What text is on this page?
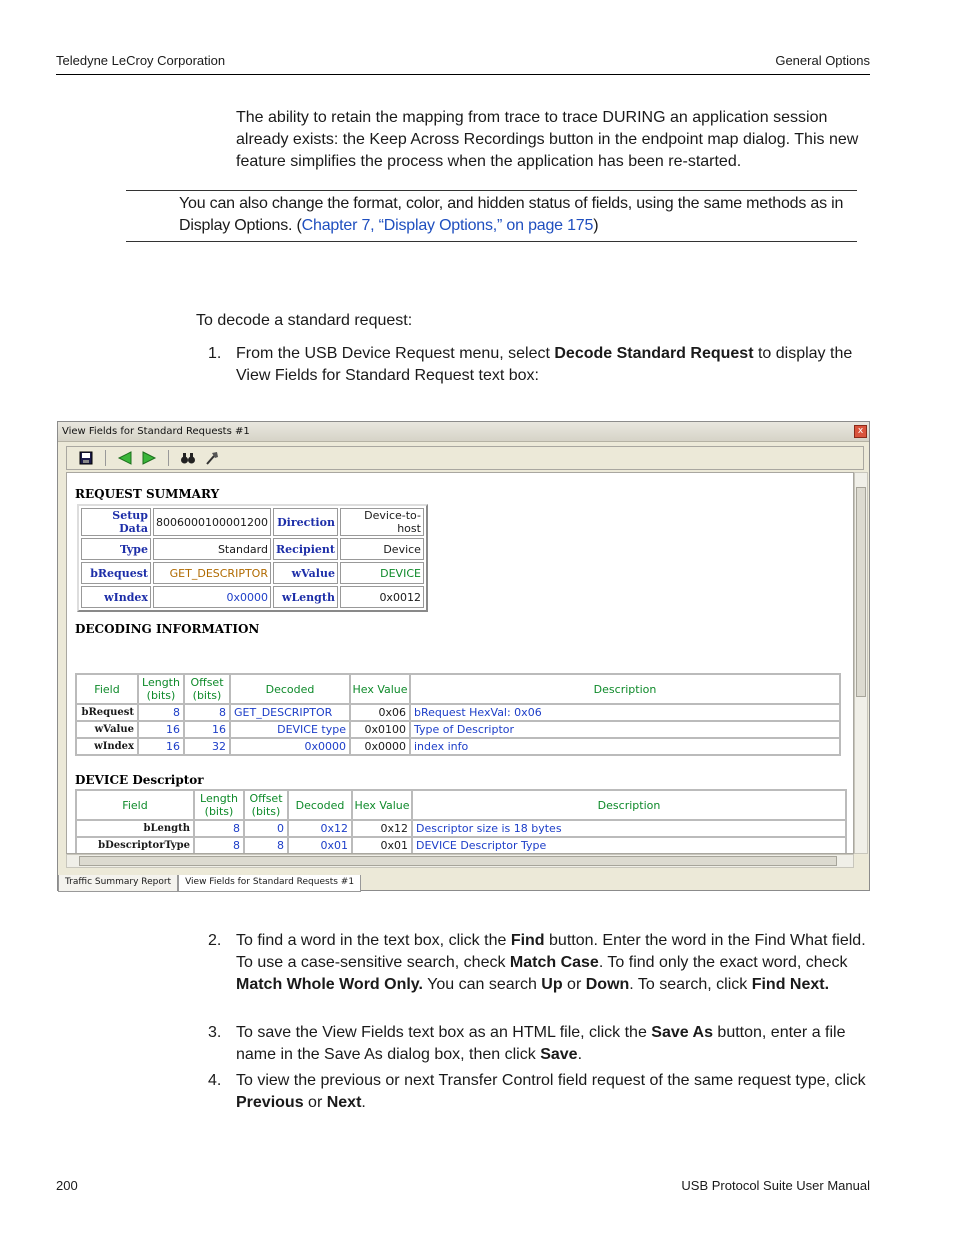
Teledyne LeCroy Corporation	General Options
The ability to retain the mapping from trace to trace DURING an application session already exists: the Keep Across Recordings button in the endpoint map dialog. This new feature simplifies the process when the application has been re-started.
You can also change the format, color, and hidden status of fields, using the same methods as in Display Options. (Chapter 7, “Display Options,” on page 175)
To decode a standard request:
1. From the USB Device Request menu, select Decode Standard Request to display the View Fields for Standard Request text box:
View Fields for Standard Requests #1	x
REQUEST SUMMARY
Setup Data	8006000100001200	Direction	Device-to-host
Type	Standard	Recipient	Device
bRequest	GET_DESCRIPTOR	wValue	DEVICE
wIndex	0x0000	wLength	0x0012
DECODING INFORMATION
Field	Length (bits)	Offset (bits)	Decoded	Hex Value	Description
bRequest	8	8	GET_DESCRIPTOR	0x06	bRequest HexVal: 0x06
wValue	16	16	DEVICE type	0x0100	Type of Descriptor
wIndex	16	32	0x0000	0x0000	index info
DEVICE Descriptor
Field	Length (bits)	Offset (bits)	Decoded	Hex Value	Description
bLength	8	0	0x12	0x12	Descriptor size is 18 bytes
bDescriptorType	8	8	0x01	0x01	DEVICE Descriptor Type
Traffic Summary Report	View Fields for Standard Requests #1
2. To find a word in the text box, click the Find button. Enter the word in the Find What field. To use a case-sensitive search, check Match Case. To find only the exact word, check Match Whole Word Only. You can search Up or Down. To search, click Find Next.
3. To save the View Fields text box as an HTML file, click the Save As button, enter a file name in the Save As dialog box, then click Save.
4. To view the previous or next Transfer Control field request of the same request type, click Previous or Next.
200	USB Protocol Suite User Manual
